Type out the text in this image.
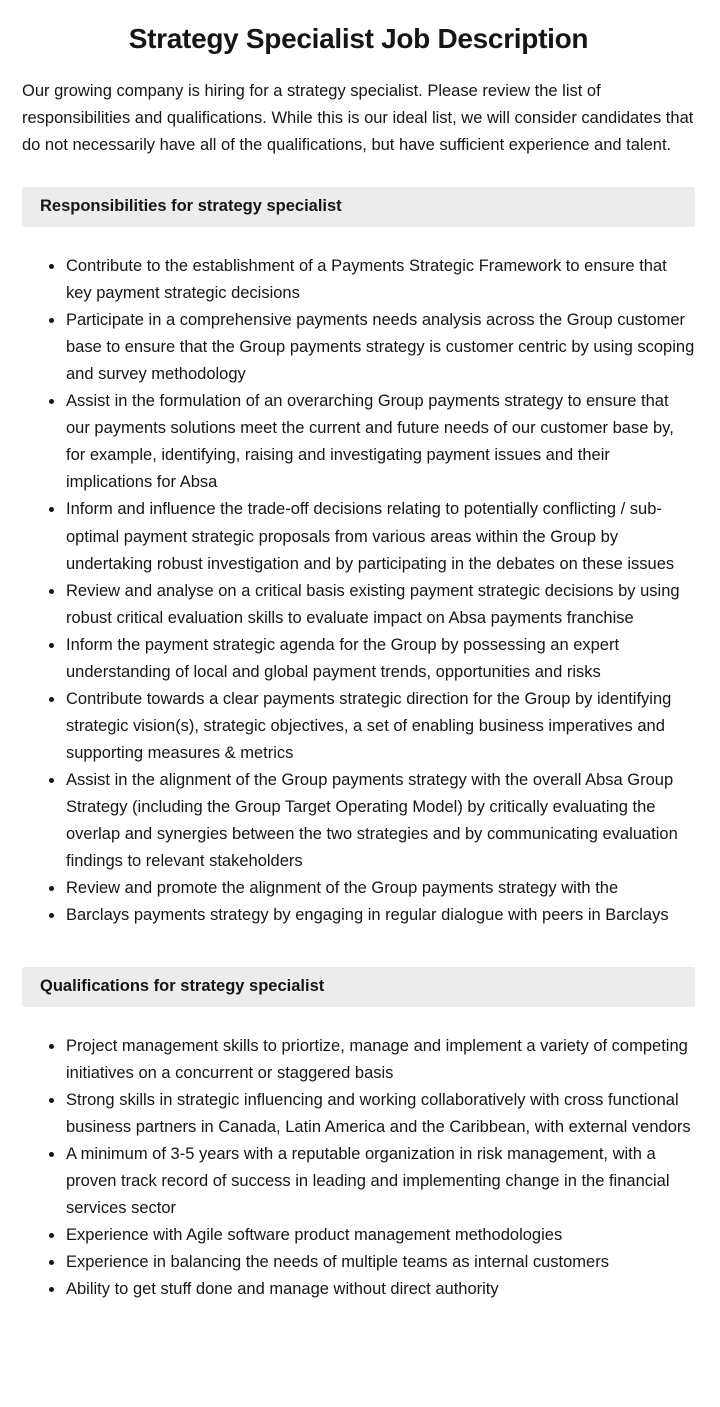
Strategy Specialist Job Description

Our growing company is hiring for a strategy specialist. Please review the list of responsibilities and qualifications. While this is our ideal list, we will consider candidates that do not necessarily have all of the qualifications, but have sufficient experience and talent.

Responsibilities for strategy specialist
Contribute to the establishment of a Payments Strategic Framework to ensure that key payment strategic decisions
Participate in a comprehensive payments needs analysis across the Group customer base to ensure that the Group payments strategy is customer centric by using scoping and survey methodology
Assist in the formulation of an overarching Group payments strategy to ensure that our payments solutions meet the current and future needs of our customer base by, for example, identifying, raising and investigating payment issues and their implications for Absa
Inform and influence the trade-off decisions relating to potentially conflicting / sub-optimal payment strategic proposals from various areas within the Group by undertaking robust investigation and by participating in the debates on these issues
Review and analyse on a critical basis existing payment strategic decisions by using robust critical evaluation skills to evaluate impact on Absa payments franchise
Inform the payment strategic agenda for the Group by possessing an expert understanding of local and global payment trends, opportunities and risks
Contribute towards a clear payments strategic direction for the Group by identifying strategic vision(s), strategic objectives, a set of enabling business imperatives and supporting measures & metrics
Assist in the alignment of the Group payments strategy with the overall Absa Group Strategy (including the Group Target Operating Model) by critically evaluating the overlap and synergies between the two strategies and by communicating evaluation findings to relevant stakeholders
Review and promote the alignment of the Group payments strategy with the
Barclays payments strategy by engaging in regular dialogue with peers in Barclays
Qualifications for strategy specialist
Project management skills to priortize, manage and implement a variety of competing initiatives on a concurrent or staggered basis
Strong skills in strategic influencing and working collaboratively with cross functional business partners in Canada, Latin America and the Caribbean, with external vendors
A minimum of 3-5 years with a reputable organization in risk management, with a proven track record of success in leading and implementing change in the financial services sector
Experience with Agile software product management methodologies
Experience in balancing the needs of multiple teams as internal customers
Ability to get stuff done and manage without direct authority
